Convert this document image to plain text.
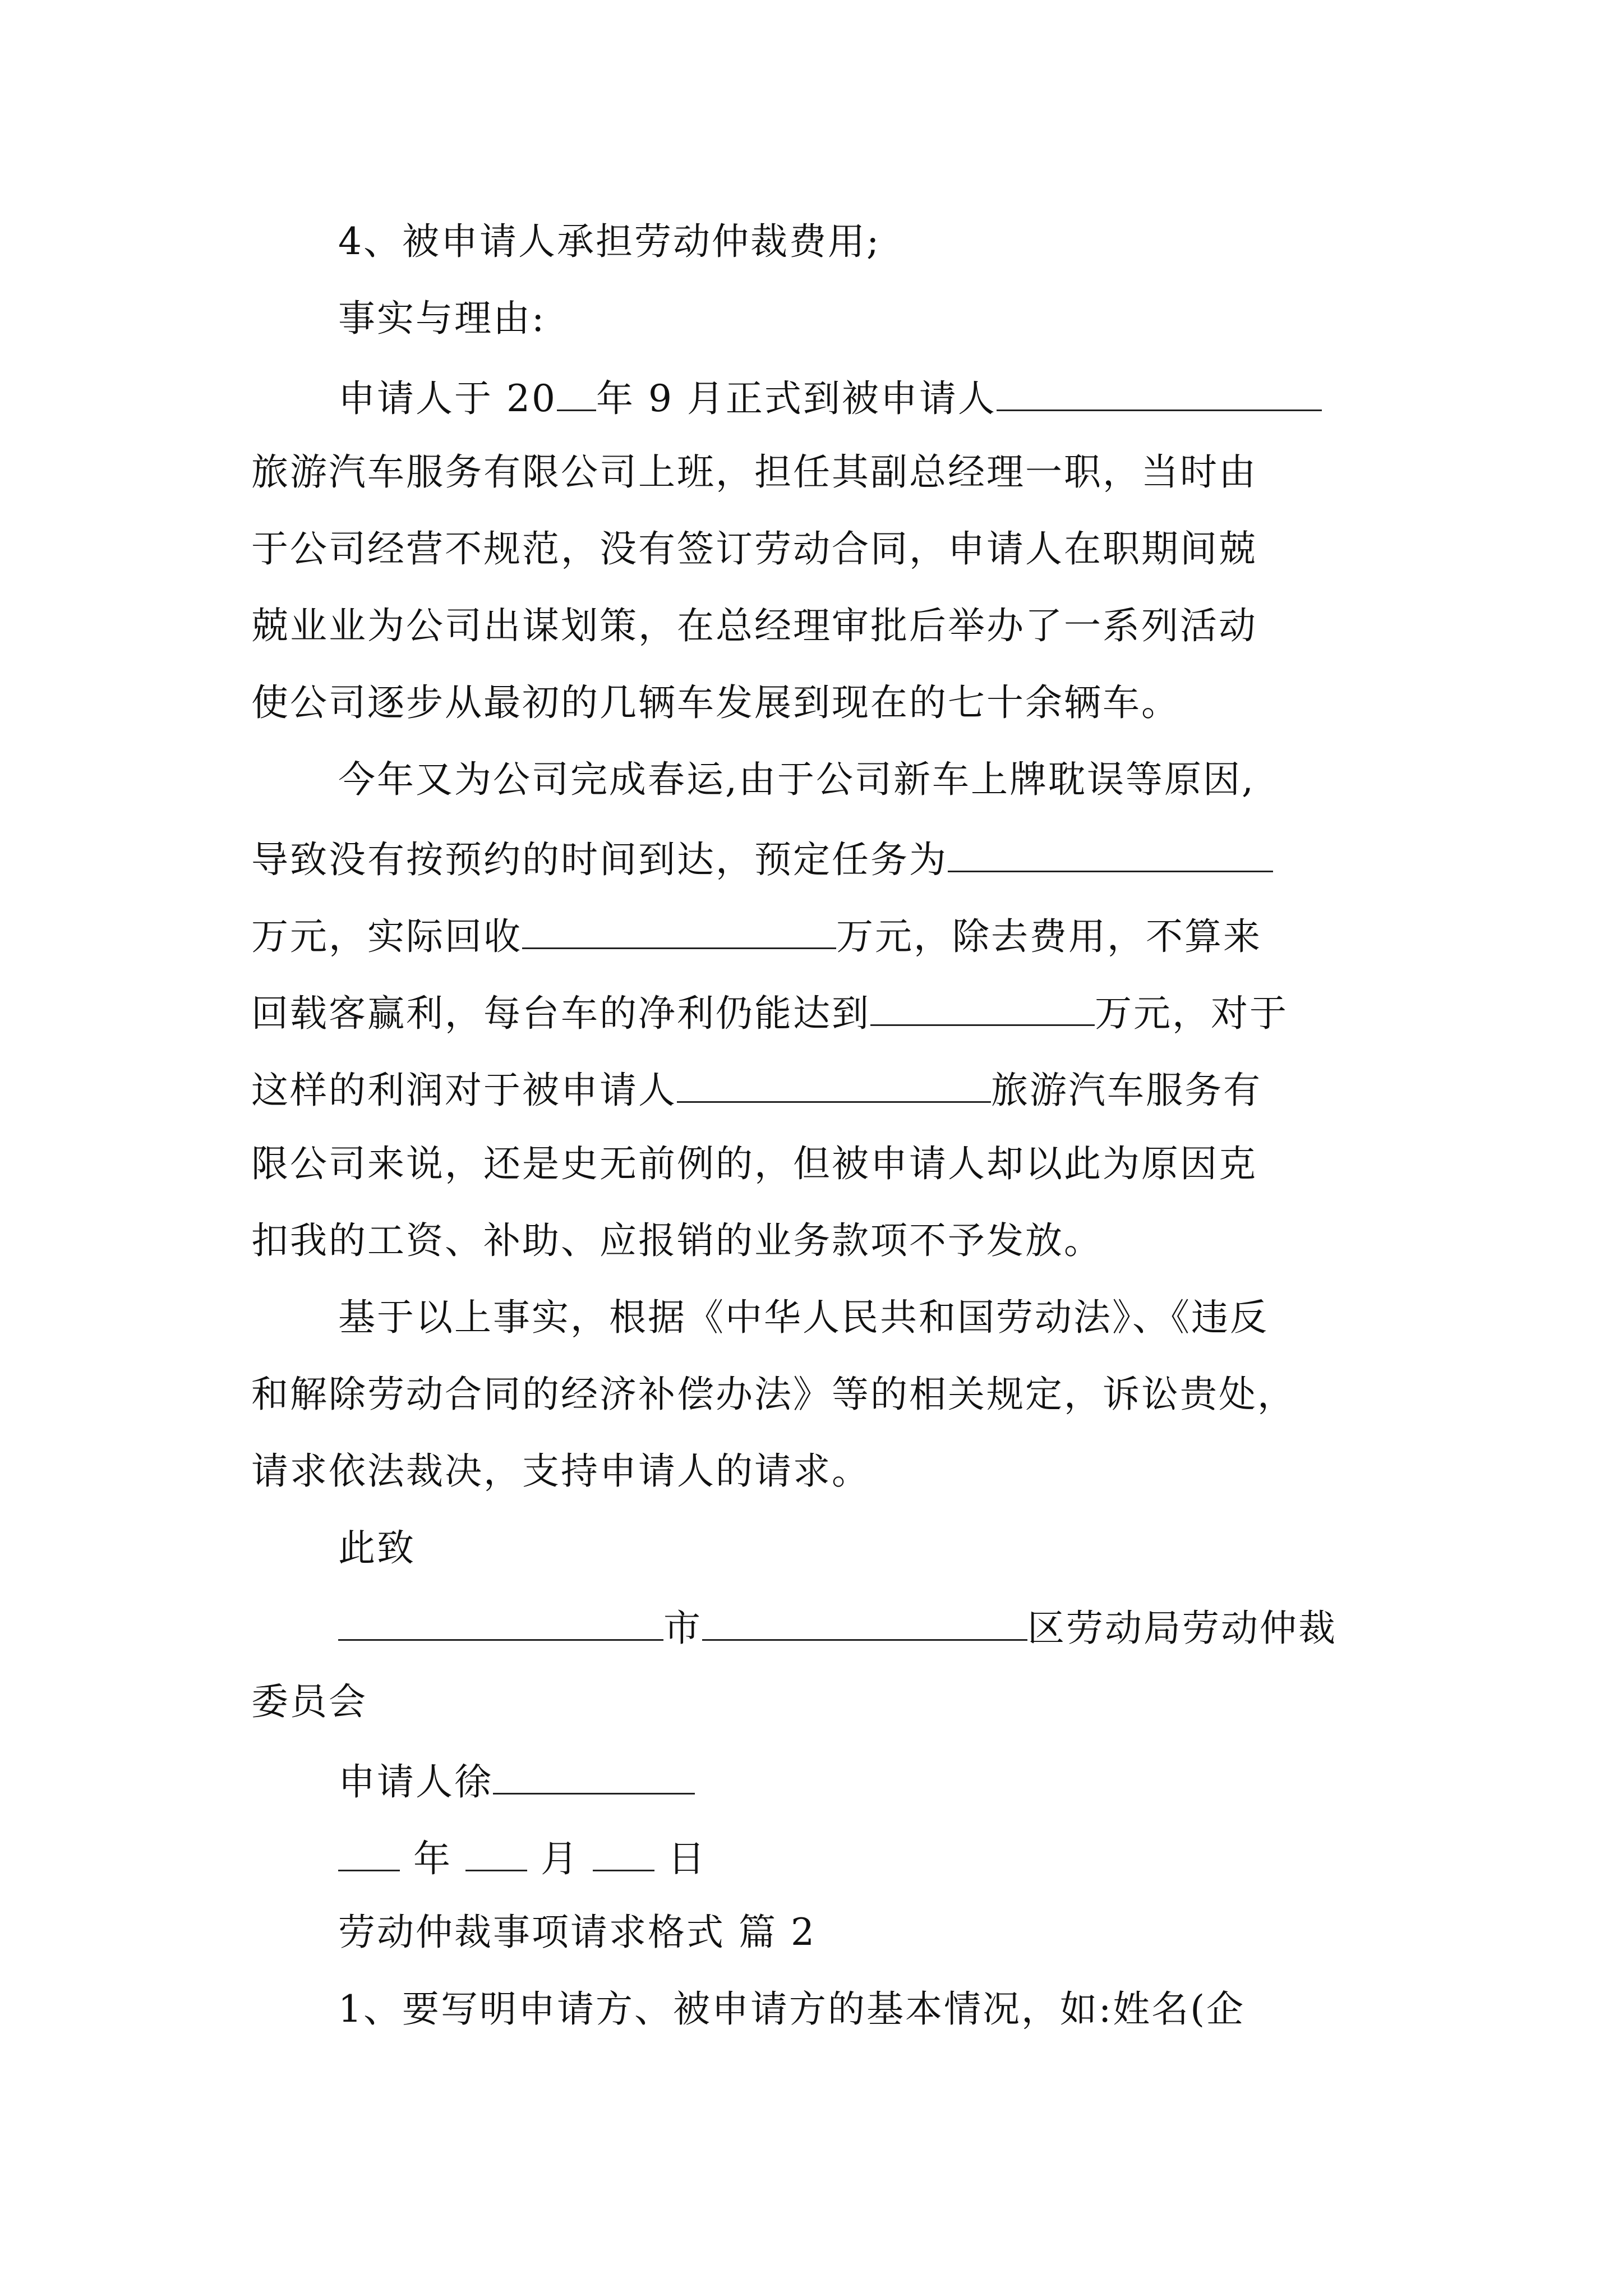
4、被申请人承担劳动仲裁费用;
事实与理由:
申请人于 20 年 9 月正式到被申请人
旅游汽车服务有限公司上班，担任其副总经理一职，当时由
于公司经营不规范，没有签订劳动合同，申请人在职期间兢
兢业业为公司出谋划策，在总经理审批后举办了一系列活动
使公司逐步从最初的几辆车发展到现在的七十余辆车。
今年又为公司完成春运,由于公司新车上牌耽误等原因,
导致没有按预约的时间到达，预定任务为
万元，实际回收	万元，除去费用，不算来
回载客赢利，每台车的净利仍能达到	万元，对于
这样的利润对于被申请人	旅游汽车服务有
限公司来说，还是史无前例的，但被申请人却以此为原因克
扣我的工资、补助、应报销的业务款项不予发放。
基于以上事实，根据《中华人民共和国劳动法》、《违反
和解除劳动合同的经济补偿办法》等的相关规定，诉讼贵处，
请求依法裁决，支持申请人的请求。
此致
市	区劳动局劳动仲裁
委员会
申请人徐
年  月  日
劳动仲裁事项请求格式 篇 2
1、要写明申请方、被申请方的基本情况，如:姓名(企
